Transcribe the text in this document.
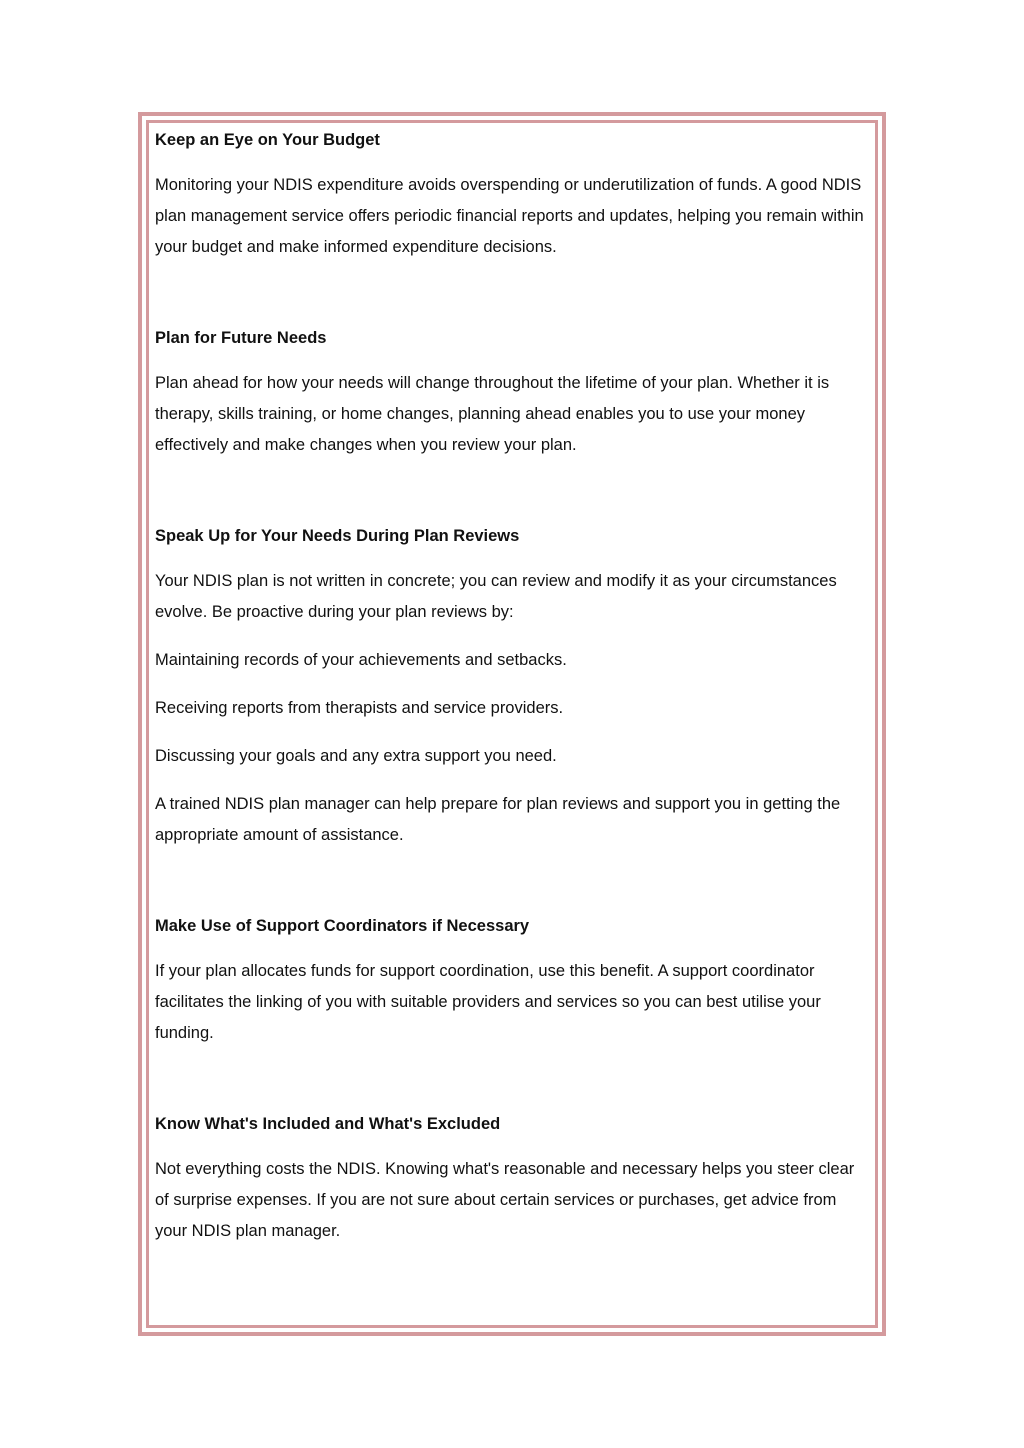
Keep an Eye on Your Budget
Monitoring your NDIS expenditure avoids overspending or underutilization of funds. A good NDIS plan management service offers periodic financial reports and updates, helping you remain within your budget and make informed expenditure decisions.
Plan for Future Needs
Plan ahead for how your needs will change throughout the lifetime of your plan. Whether it is therapy, skills training, or home changes, planning ahead enables you to use your money effectively and make changes when you review your plan.
Speak Up for Your Needs During Plan Reviews
Your NDIS plan is not written in concrete; you can review and modify it as your circumstances evolve. Be proactive during your plan reviews by:
Maintaining records of your achievements and setbacks.
Receiving reports from therapists and service providers.
Discussing your goals and any extra support you need.
A trained NDIS plan manager can help prepare for plan reviews and support you in getting the appropriate amount of assistance.
Make Use of Support Coordinators if Necessary
If your plan allocates funds for support coordination, use this benefit. A support coordinator facilitates the linking of you with suitable providers and services so you can best utilise your funding.
Know What's Included and What's Excluded
Not everything costs the NDIS. Knowing what's reasonable and necessary helps you steer clear of surprise expenses. If you are not sure about certain services or purchases, get advice from your NDIS plan manager.
